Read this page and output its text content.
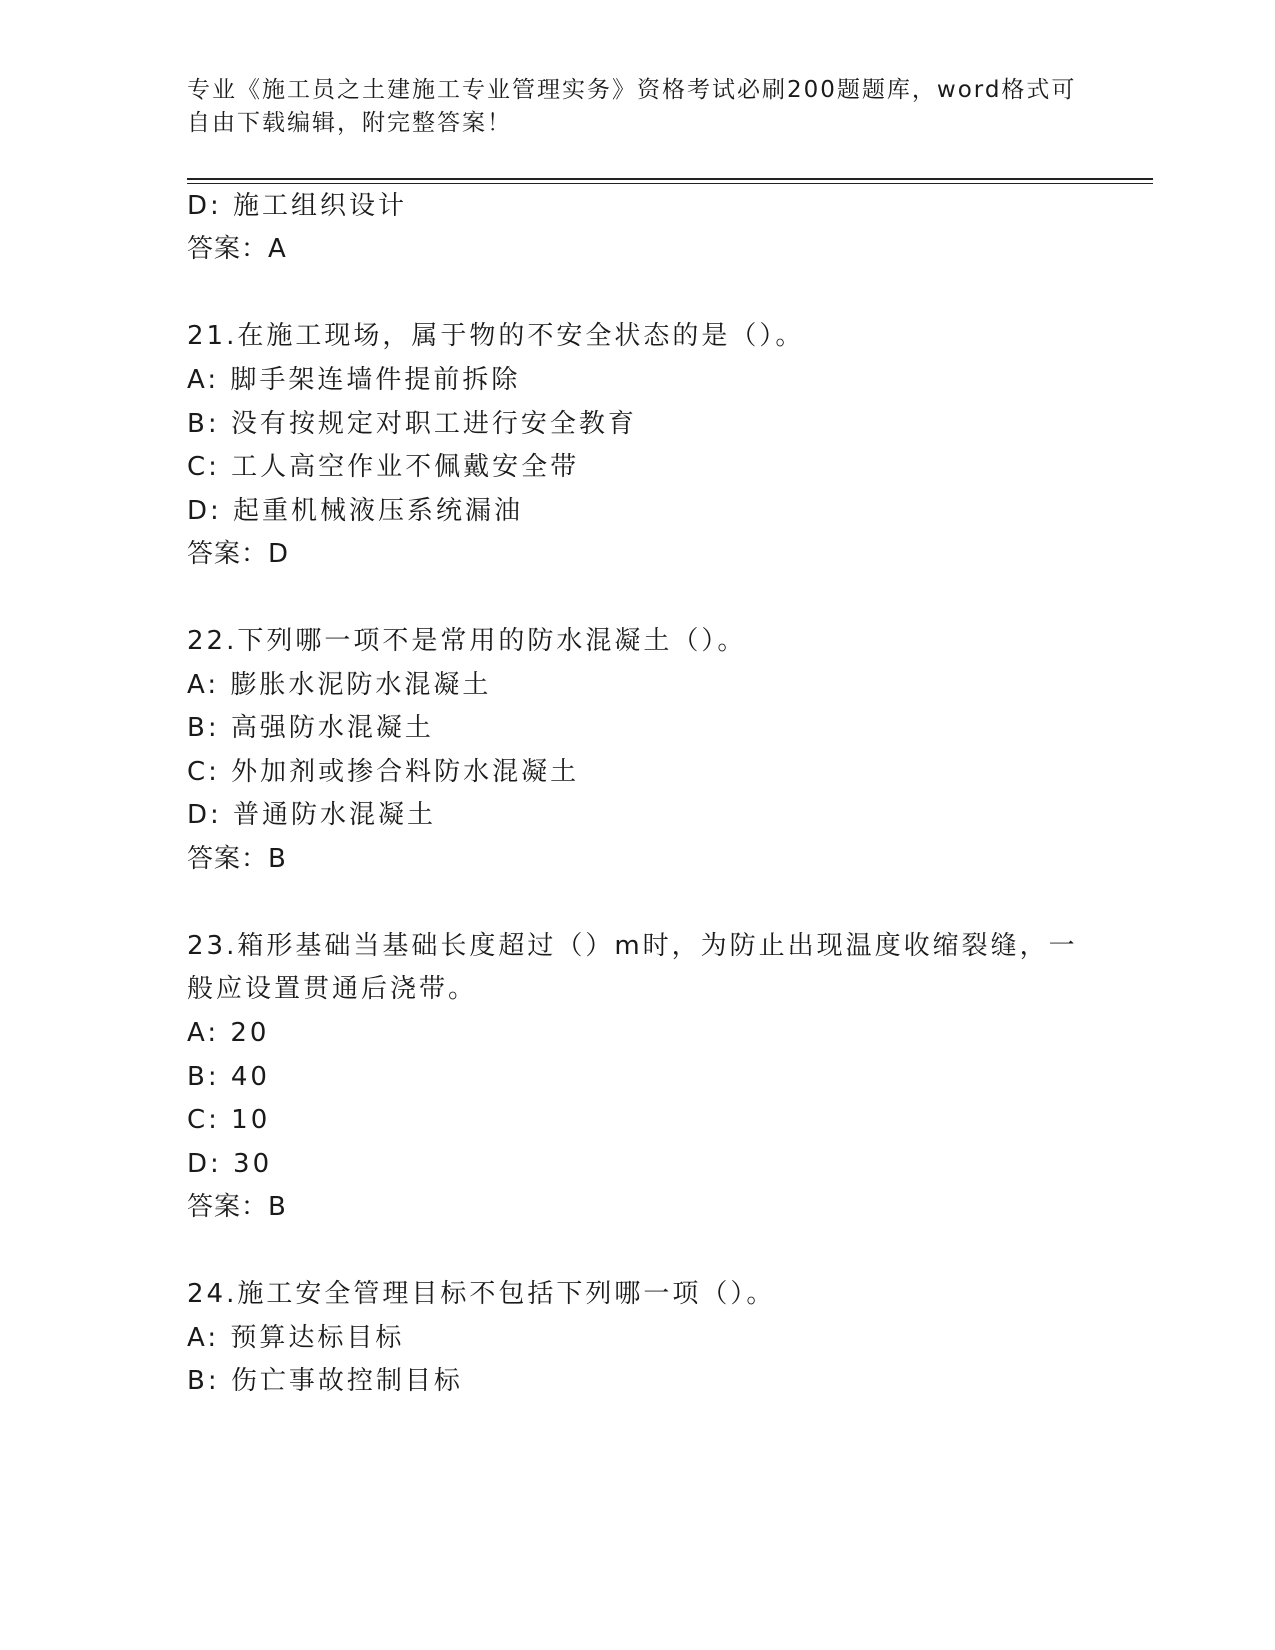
专业《施工员之土建施工专业管理实务》资格考试必刷200题题库，word格式可
自由下载编辑，附完整答案！
D: 施工组织设计
答案：A
21.在施工现场，属于物的不安全状态的是（）。
A: 脚手架连墙件提前拆除
B: 没有按规定对职工进行安全教育
C: 工人高空作业不佩戴安全带
D: 起重机械液压系统漏油
答案：D
22.下列哪一项不是常用的防水混凝土（）。
A: 膨胀水泥防水混凝土
B: 高强防水混凝土
C: 外加剂或掺合料防水混凝土
D: 普通防水混凝土
答案：B
23.箱形基础当基础长度超过（）m时，为防止出现温度收缩裂缝，一
般应设置贯通后浇带。
A: 20
B: 40
C: 10
D: 30
答案：B
24.施工安全管理目标不包括下列哪一项（）。
A: 预算达标目标
B: 伤亡事故控制目标
